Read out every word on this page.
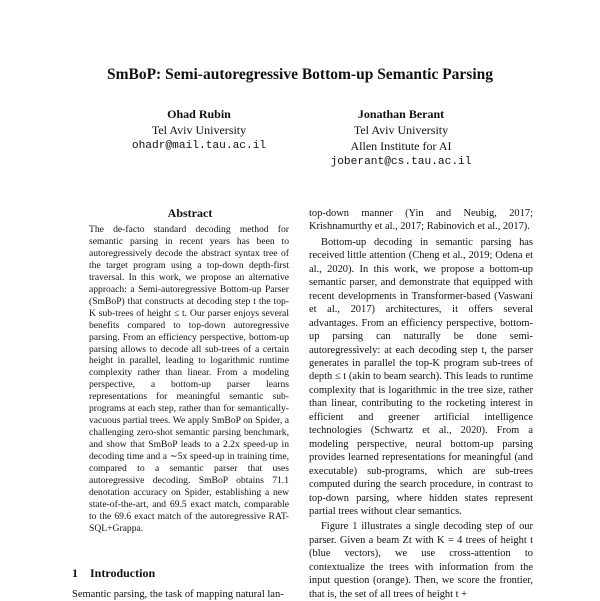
SmBoP: Semi-autoregressive Bottom-up Semantic Parsing
Ohad Rubin
Tel Aviv University
ohadr@mail.tau.ac.il
Jonathan Berant
Tel Aviv University
Allen Institute for AI
joberant@cs.tau.ac.il
Abstract
The de-facto standard decoding method for semantic parsing in recent years has been to autoregressively decode the abstract syntax tree of the target program using a top-down depth-first traversal. In this work, we propose an alternative approach: a Semi-autoregressive Bottom-up Parser (SmBoP) that constructs at decoding step t the top-K sub-trees of height ≤ t. Our parser enjoys several benefits compared to top-down autoregressive parsing. From an efficiency perspective, bottom-up parsing allows to decode all sub-trees of a certain height in parallel, leading to logarithmic runtime complexity rather than linear. From a modeling perspective, a bottom-up parser learns representations for meaningful semantic sub-programs at each step, rather than for semantically-vacuous partial trees. We apply SmBoP on Spider, a challenging zero-shot semantic parsing benchmark, and show that SmBoP leads to a 2.2x speed-up in decoding time and a ∼5x speed-up in training time, compared to a semantic parser that uses autoregressive decoding. SmBoP obtains 71.1 denotation accuracy on Spider, establishing a new state-of-the-art, and 69.5 exact match, comparable to the 69.6 exact match of the autoregressive RAT-SQL+Grappa.
1 Introduction
Semantic parsing, the task of mapping natural lan-

top-down manner (Yin and Neubig, 2017; Krishnamurthy et al., 2017; Rabinovich et al., 2017).

Bottom-up decoding in semantic parsing has received little attention (Cheng et al., 2019; Odena et al., 2020). In this work, we propose a bottom-up semantic parser, and demonstrate that equipped with recent developments in Transformer-based (Vaswani et al., 2017) architectures, it offers several advantages. From an efficiency perspective, bottom-up parsing can naturally be done semi-autoregressively: at each decoding step t, the parser generates in parallel the top-K program sub-trees of depth ≤ t (akin to beam search). This leads to runtime complexity that is logarithmic in the tree size, rather than linear, contributing to the rocketing interest in efficient and greener artificial intelligence technologies (Schwartz et al., 2020). From a modeling perspective, neural bottom-up parsing provides learned representations for meaningful (and executable) sub-programs, which are sub-trees computed during the search procedure, in contrast to top-down parsing, where hidden states represent partial trees without clear semantics.

Figure 1 illustrates a single decoding step of our parser. Given a beam Zt with K = 4 trees of height t (blue vectors), we use cross-attention to contextualize the trees with information from the input question (orange). Then, we score the frontier, that is, the set of all trees of height t +
